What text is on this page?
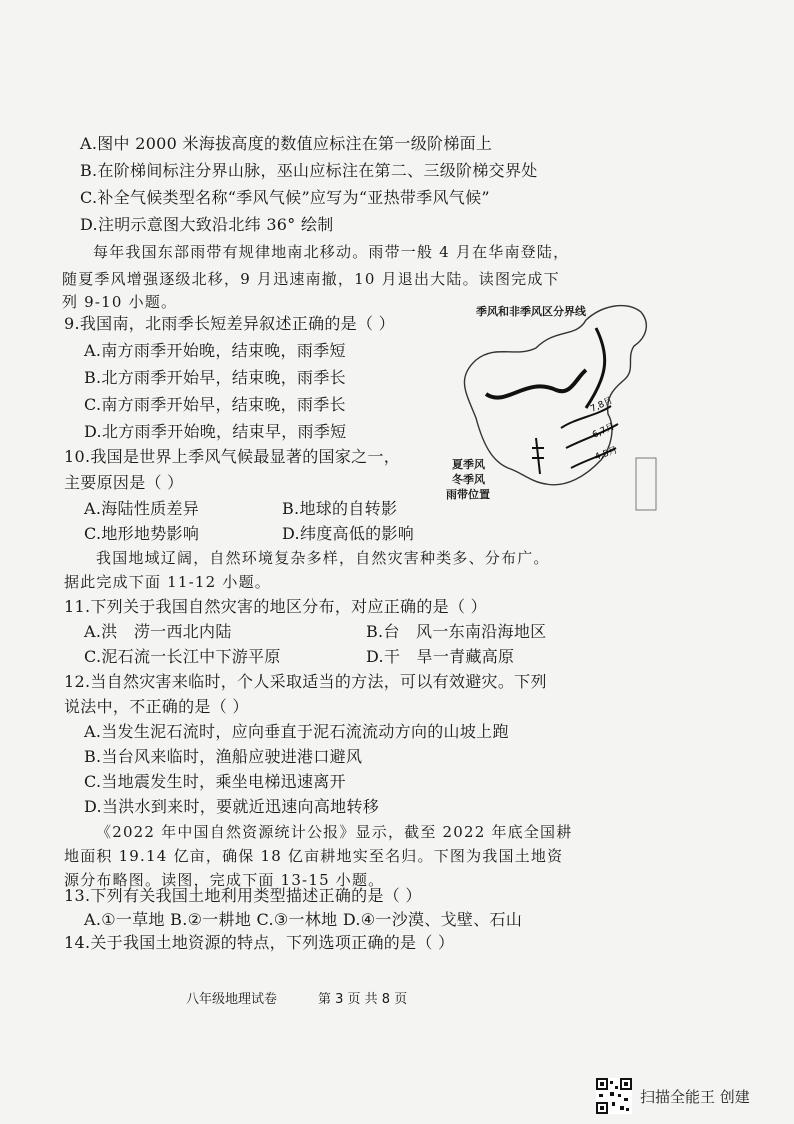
A.图中 2000 米海拔高度的数值应标注在第一级阶梯面上
B.在阶梯间标注分界山脉，巫山应标注在第二、三级阶梯交界处
C.补全气候类型名称“季风气候”应写为“亚热带季风气候”
D.注明示意图大致沿北纬 36° 绘制
每年我国东部雨带有规律地南北移动。雨带一般 4 月在华南登陆，
随夏季风增强逐级北移，9 月迅速南撤，10 月退出大陆。读图完成下
列 9-10 小题。
7,8月
6,7月
4,5月
季风和非季风区分界线
夏季风
冬季风
雨带位置
9.我国南，北雨季长短差异叙述正确的是（ ）
A.南方雨季开始晚，结束晚，雨季短
B.北方雨季开始早，结束晚，雨季长
C.南方雨季开始早，结束晚，雨季长
D.北方雨季开始晚，结束早，雨季短
10.我国是世界上季风气候最显著的国家之一，
主要原因是（ ）
A.海陆性质差异	B.地球的自转影
C.地形地势影响	D.纬度高低的影响
我国地域辽阔，自然环境复杂多样，自然灾害种类多、分布广。
据此完成下面 11-12 小题。
11.下列关于我国自然灾害的地区分布，对应正确的是（ ）
A.洪　涝一西北内陆	B.台　风一东南沿海地区
C.泥石流一长江中下游平原	D.干　旱一青藏高原
12.当自然灾害来临时，个人采取适当的方法，可以有效避灾。下列
说法中，不正确的是（ ）
A.当发生泥石流时，应向垂直于泥石流流动方向的山坡上跑
B.当台风来临时，渔船应驶进港口避风
C.当地震发生时，乘坐电梯迅速离开
D.当洪水到来时，要就近迅速向高地转移
《2022 年中国自然资源统计公报》显示，截至 2022 年底全国耕
地面积 19.14 亿亩，确保 18 亿亩耕地实至名归。下图为我国土地资
源分布略图。读图，完成下面 13-15 小题。
13.下列有关我国土地利用类型描述正确的是（ ）
A.①一草地 B.②一耕地 C.③一林地 D.④一沙漠、戈壁、石山
14.关于我国土地资源的特点，下列选项正确的是（ ）
八年级地理试卷	第 3 页 共 8 页
扫描全能王 创建
